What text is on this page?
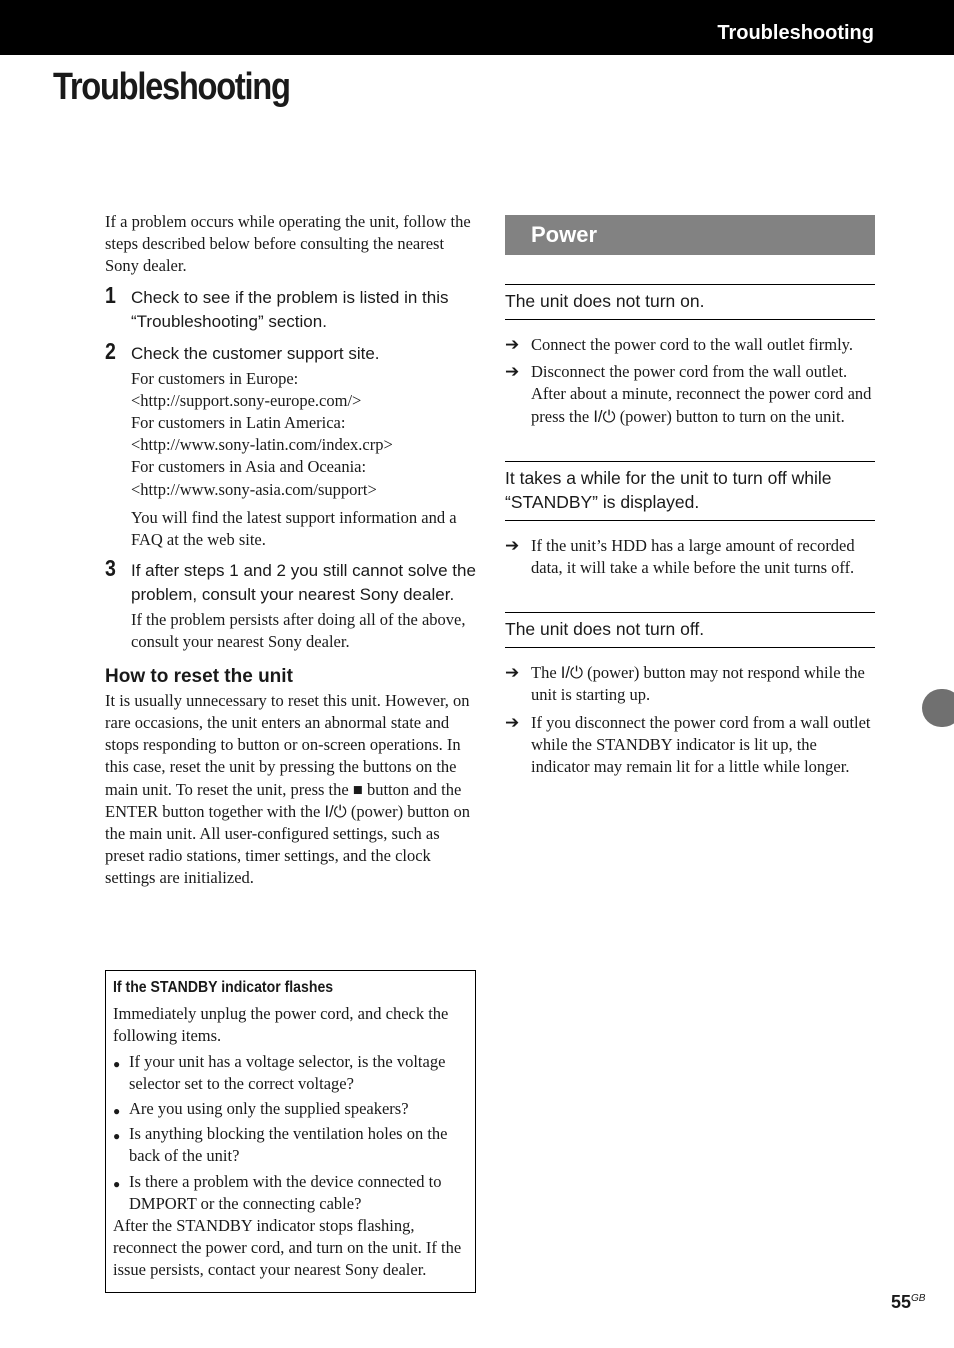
Troubleshooting
Troubleshooting

If a problem occurs while operating the unit, follow the steps described below before consulting the nearest Sony dealer.

1 Check to see if the problem is listed in this “Troubleshooting” section.

2 Check the customer support site.

For customers in Europe:

<http://support.sony-europe.com/>

For customers in Latin America:

<http://www.sony-latin.com/index.crp>

For customers in Asia and Oceania:

<http://www.sony-asia.com/support>

You will find the latest support information and a FAQ at the web site.

3 If after steps 1 and 2 you still cannot solve the problem, consult your nearest Sony dealer.

If the problem persists after doing all of the above, consult your nearest Sony dealer.

How to reset the unit

It is usually unnecessary to reset this unit. However, on rare occasions, the unit enters an abnormal state and stops responding to button or on-screen operations. In this case, reset the unit by pressing the buttons on the main unit. To reset the unit, press the ■ button and the ENTER button together with the I/⏻ (power) button on the main unit. All user-configured settings, such as preset radio stations, timer settings, and the clock settings are initialized.

If the STANDBY indicator flashes

Immediately unplug the power cord, and check the following items.

● If your unit has a voltage selector, is the voltage selector set to the correct voltage?
● Are you using only the supplied speakers?
● Is anything blocking the ventilation holes on the back of the unit?
● Is there a problem with the device connected to DMPORT or the connecting cable?

After the STANDBY indicator stops flashing, reconnect the power cord, and turn on the unit. If the issue persists, contact your nearest Sony dealer.

Power
The unit does not turn on.
➔ Connect the power cord to the wall outlet firmly.
➔ Disconnect the power cord from the wall outlet. After about a minute, reconnect the power cord and press the I/⏻ (power) button to turn on the unit.
It takes a while for the unit to turn off while “STANDBY” is displayed.
➔ If the unit’s HDD has a large amount of recorded data, it will take a while before the unit turns off.
The unit does not turn off.
➔ The I/⏻ (power) button may not respond while the unit is starting up.
➔ If you disconnect the power cord from a wall outlet while the STANDBY indicator is lit up, the indicator may remain lit for a little while longer.
$55^{GB}$
